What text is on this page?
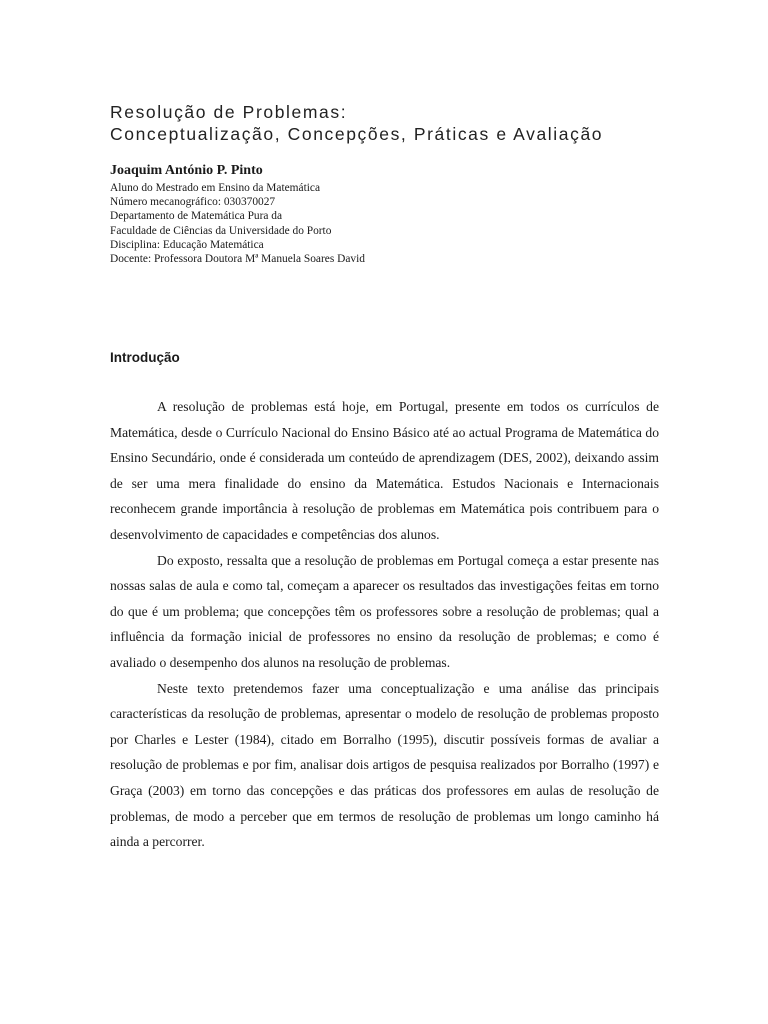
Resolução de Problemas:
Conceptualização, Concepções, Práticas e Avaliação

Joaquim António P. Pinto

Aluno do Mestrado em Ensino da Matemática

Número mecanográfico: 030370027

Departamento de Matemática Pura da

Faculdade de Ciências da Universidade do Porto

Disciplina: Educação Matemática

Docente: Professora Doutora Mª Manuela Soares David

Introdução

A resolução de problemas está hoje, em Portugal, presente em todos os currículos de Matemática, desde o Currículo Nacional do Ensino Básico até ao actual Programa de Matemática do Ensino Secundário, onde é considerada um conteúdo de aprendizagem (DES, 2002), deixando assim de ser uma mera finalidade do ensino da Matemática. Estudos Nacionais e Internacionais reconhecem grande importância à resolução de problemas em Matemática pois contribuem para o desenvolvimento de capacidades e competências dos alunos.

Do exposto, ressalta que a resolução de problemas em Portugal começa a estar presente nas nossas salas de aula e como tal, começam a aparecer os resultados das investigações feitas em torno do que é um problema; que concepções têm os professores sobre a resolução de problemas; qual a influência da formação inicial de professores no ensino da resolução de problemas; e como é avaliado o desempenho dos alunos na resolução de problemas.

Neste texto pretendemos fazer uma conceptualização e uma análise das principais características da resolução de problemas, apresentar o modelo de resolução de problemas proposto por Charles e Lester (1984), citado em Borralho (1995), discutir possíveis formas de avaliar a resolução de problemas e por fim, analisar dois artigos de pesquisa realizados por Borralho (1997) e Graça (2003) em torno das concepções e das práticas dos professores em aulas de resolução de problemas, de modo a perceber que em termos de resolução de problemas um longo caminho há ainda a percorrer.
